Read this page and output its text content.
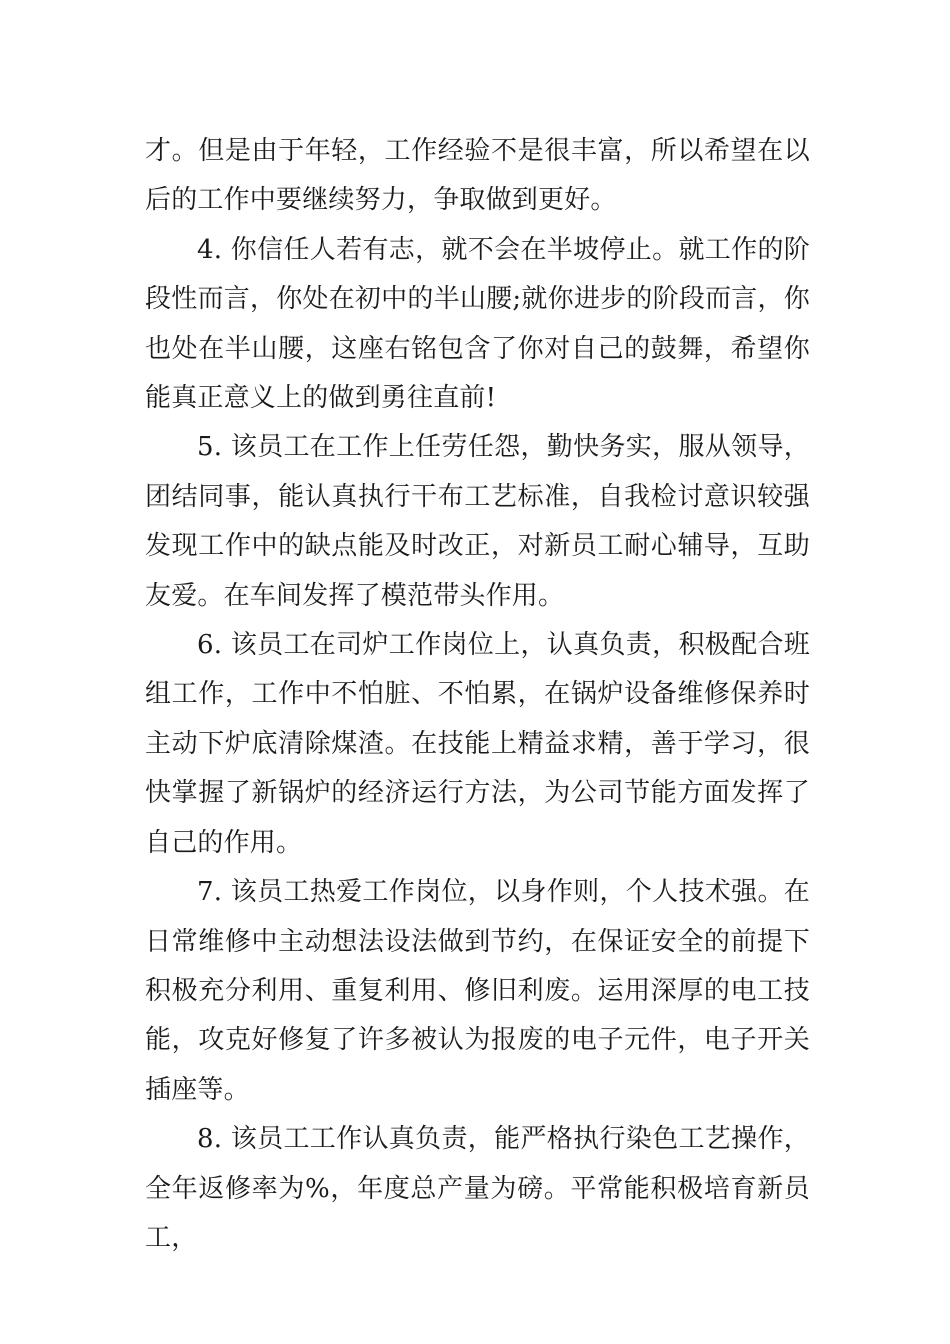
才。但是由于年轻，工作经验不是很丰富，所以希望在以后的工作中要继续努力，争取做到更好。

4. 你信任人若有志，就不会在半坡停止。就工作的阶段性而言，你处在初中的半山腰;就你进步的阶段而言，你也处在半山腰，这座右铭包含了你对自己的鼓舞，希望你能真正意义上的做到勇往直前!

5. 该员工在工作上任劳任怨，勤快务实，服从领导，团结同事，能认真执行干布工艺标准，自我检讨意识较强发现工作中的缺点能及时改正，对新员工耐心辅导，互助友爱。在车间发挥了模范带头作用。

6. 该员工在司炉工作岗位上，认真负责，积极配合班组工作，工作中不怕脏、不怕累，在锅炉设备维修保养时主动下炉底清除煤渣。在技能上精益求精，善于学习，很快掌握了新锅炉的经济运行方法，为公司节能方面发挥了自己的作用。

7. 该员工热爱工作岗位，以身作则，个人技术强。在日常维修中主动想法设法做到节约，在保证安全的前提下积极充分利用、重复利用、修旧利废。运用深厚的电工技能，攻克好修复了许多被认为报废的电子元件，电子开关插座等。

8. 该员工工作认真负责，能严格执行染色工艺操作，全年返修率为%，年度总产量为磅。平常能积极培育新员工，
